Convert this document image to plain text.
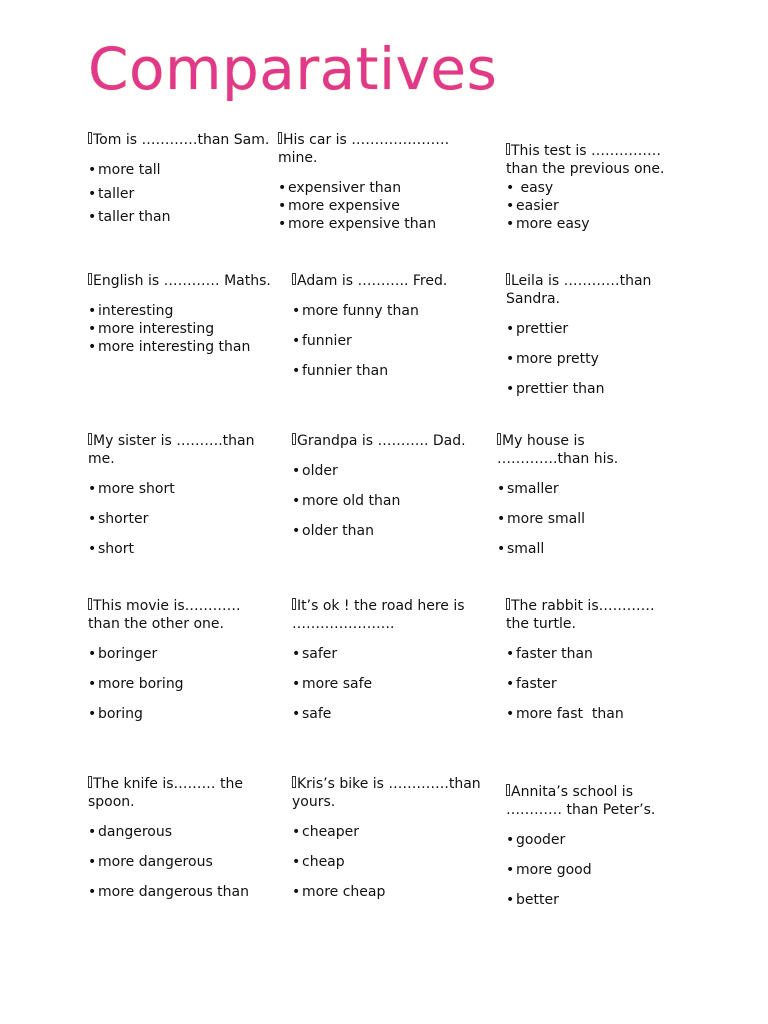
Comparatives

Tom is …………than Sam.

• more tall
• taller
• taller than

His car is ………………… mine.

• expensiver than
• more expensive
• more expensive than

This test is …………… than the previous one.

•  easy
• easier
• more easy

English is ………… Maths.

• interesting
• more interesting
• more interesting than

Adam is ……….. Fred.

• more funny than
• funnier
• funnier than

Leila is …………than Sandra.

• prettier
• more pretty
• prettier than

My sister is ……….than me.

• more short
• shorter
• short

Grandpa is ……….. Dad.

• older
• more old than
• older than

My house is ………….than his.

• smaller
• more small
• small

This movie is…………than the other one.

• boringer
• more boring
• boring

It’s ok ! the road here is ………………….

• safer
• more safe
• safe

The rabbit is………… the turtle.

• faster than
• faster
• more fast  than

The knife is……… the spoon.

• dangerous
• more dangerous
• more dangerous than

Kris’s bike is ………….than yours.

• cheaper
• cheap
• more cheap

Annita’s school is ………… than Peter’s.

• gooder
• more good
• better
